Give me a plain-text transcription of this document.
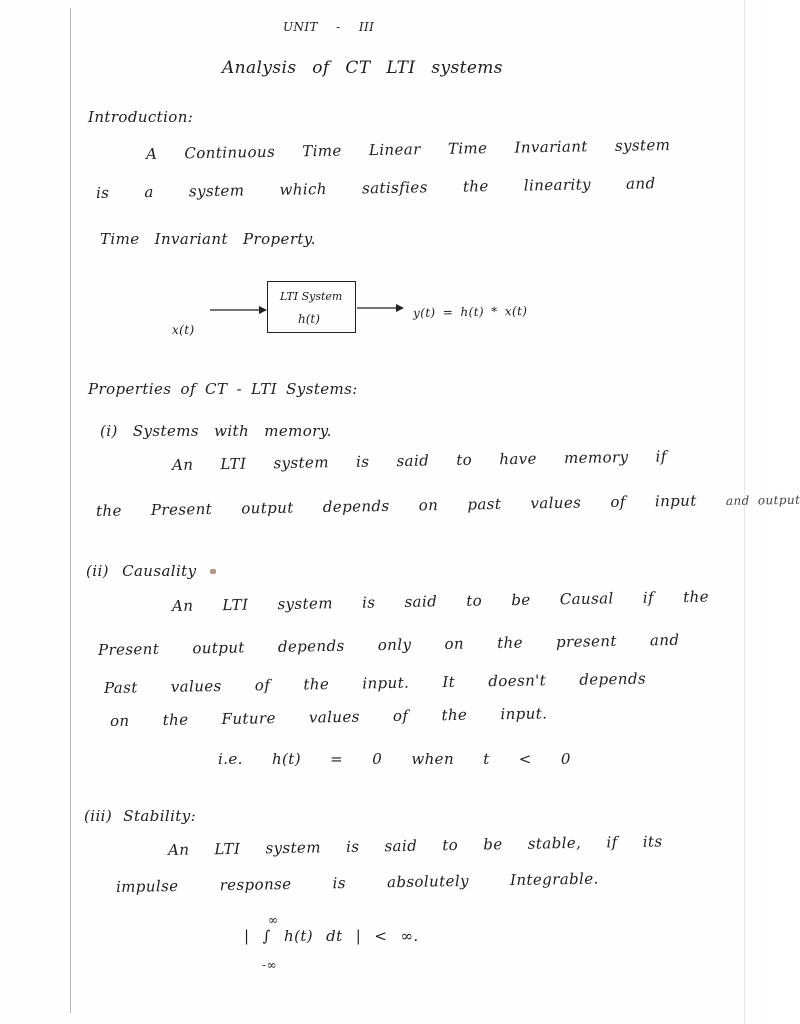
UNIT - III
Analysis of CT LTI systems
Introduction:
A Continuous Time Linear Time Invariant system
is a system which satisfies the linearity and
Time Invariant Property.
LTI System
h(t)
x(t)
y(t) = h(t) * x(t)
Properties of CT - LTI Systems:
(i) Systems with memory.
An LTI system is said to have memory if
the Present output depends on past values of input and output
(ii) Causality
An LTI system is said to be Causal if the
Present output depends only on the present and
Past values of the input. It doesn't depends
on the Future values of the input.
i.e. h(t) = 0 when t < 0
(iii) Stability:
An LTI system is said to be stable, if its
impulse response is absolutely Integrable.
∞
| ∫ h(t) dt | < ∞.
-∞
